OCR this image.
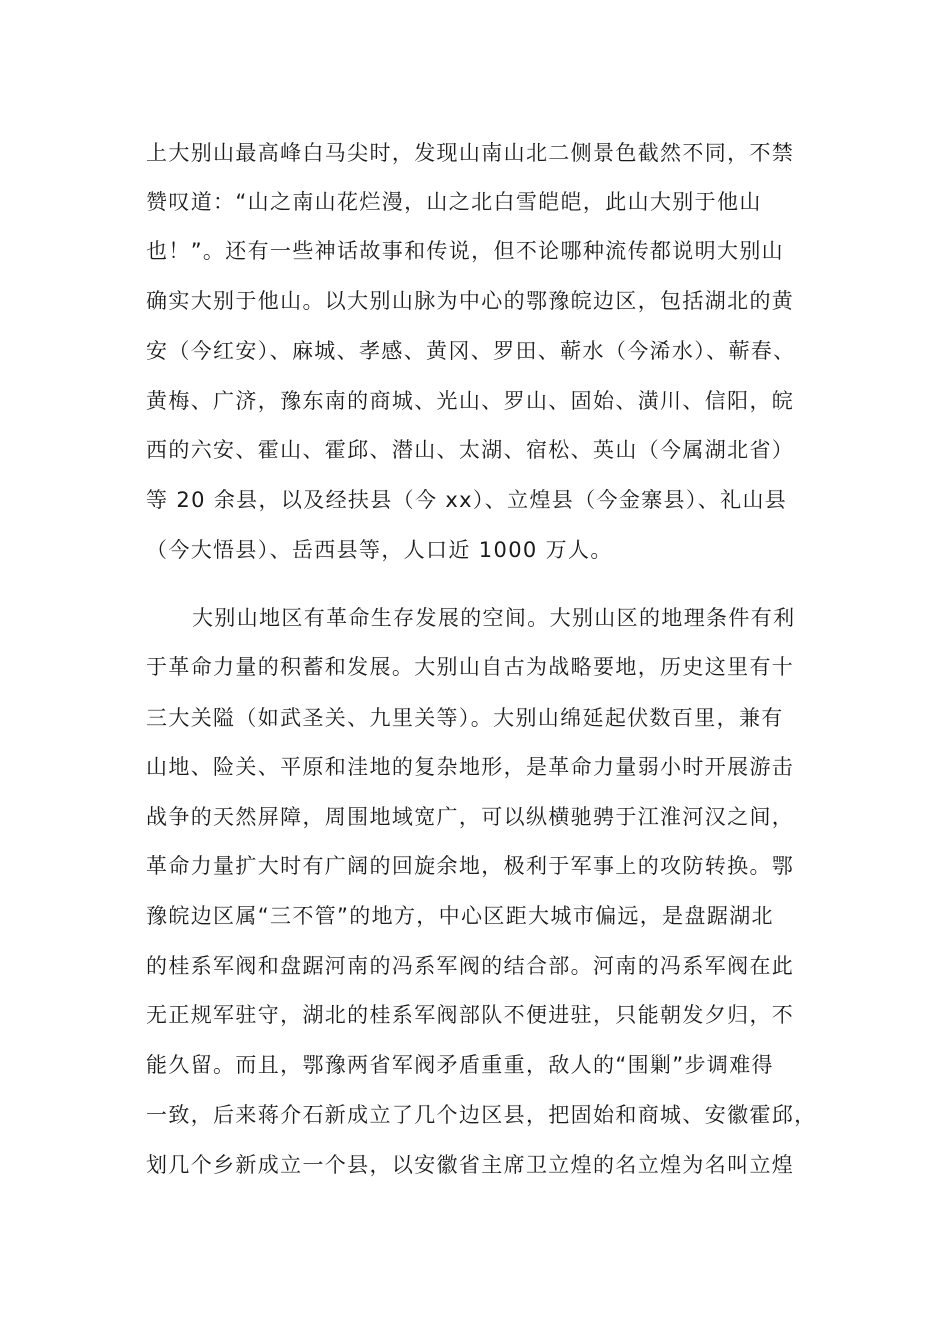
上大别山最高峰白马尖时，发现山南山北二侧景色截然不同，不禁
赞叹道：“山之南山花烂漫，山之北白雪皑皑，此山大别于他山
也！”。还有一些神话故事和传说，但不论哪种流传都说明大别山
确实大别于他山。以大别山脉为中心的鄂豫皖边区，包括湖北的黄
安（今红安）、麻城、孝感、黄冈、罗田、蕲水（今浠水）、蕲春、
黄梅、广济，豫东南的商城、光山、罗山、固始、潢川、信阳，皖
西的六安、霍山、霍邱、潜山、太湖、宿松、英山（今属湖北省）
等 20 余县，以及经扶县（今 xx）、立煌县（今金寨县）、礼山县
（今大悟县）、岳西县等，人口近 1000 万人。
大别山地区有革命生存发展的空间。大别山区的地理条件有利
于革命力量的积蓄和发展。大别山自古为战略要地，历史这里有十
三大关隘（如武圣关、九里关等）。大别山绵延起伏数百里，兼有
山地、险关、平原和洼地的复杂地形，是革命力量弱小时开展游击
战争的天然屏障，周围地域宽广，可以纵横驰骋于江淮河汉之间，
革命力量扩大时有广阔的回旋余地，极利于军事上的攻防转换。鄂
豫皖边区属“三不管”的地方，中心区距大城市偏远，是盘踞湖北
的桂系军阀和盘踞河南的冯系军阀的结合部。河南的冯系军阀在此
无正规军驻守，湖北的桂系军阀部队不便进驻，只能朝发夕归，不
能久留。而且，鄂豫两省军阀矛盾重重，敌人的“围剿”步调难得
一致，后来蒋介石新成立了几个边区县，把固始和商城、安徽霍邱，
划几个乡新成立一个县，以安徽省主席卫立煌的名立煌为名叫立煌
